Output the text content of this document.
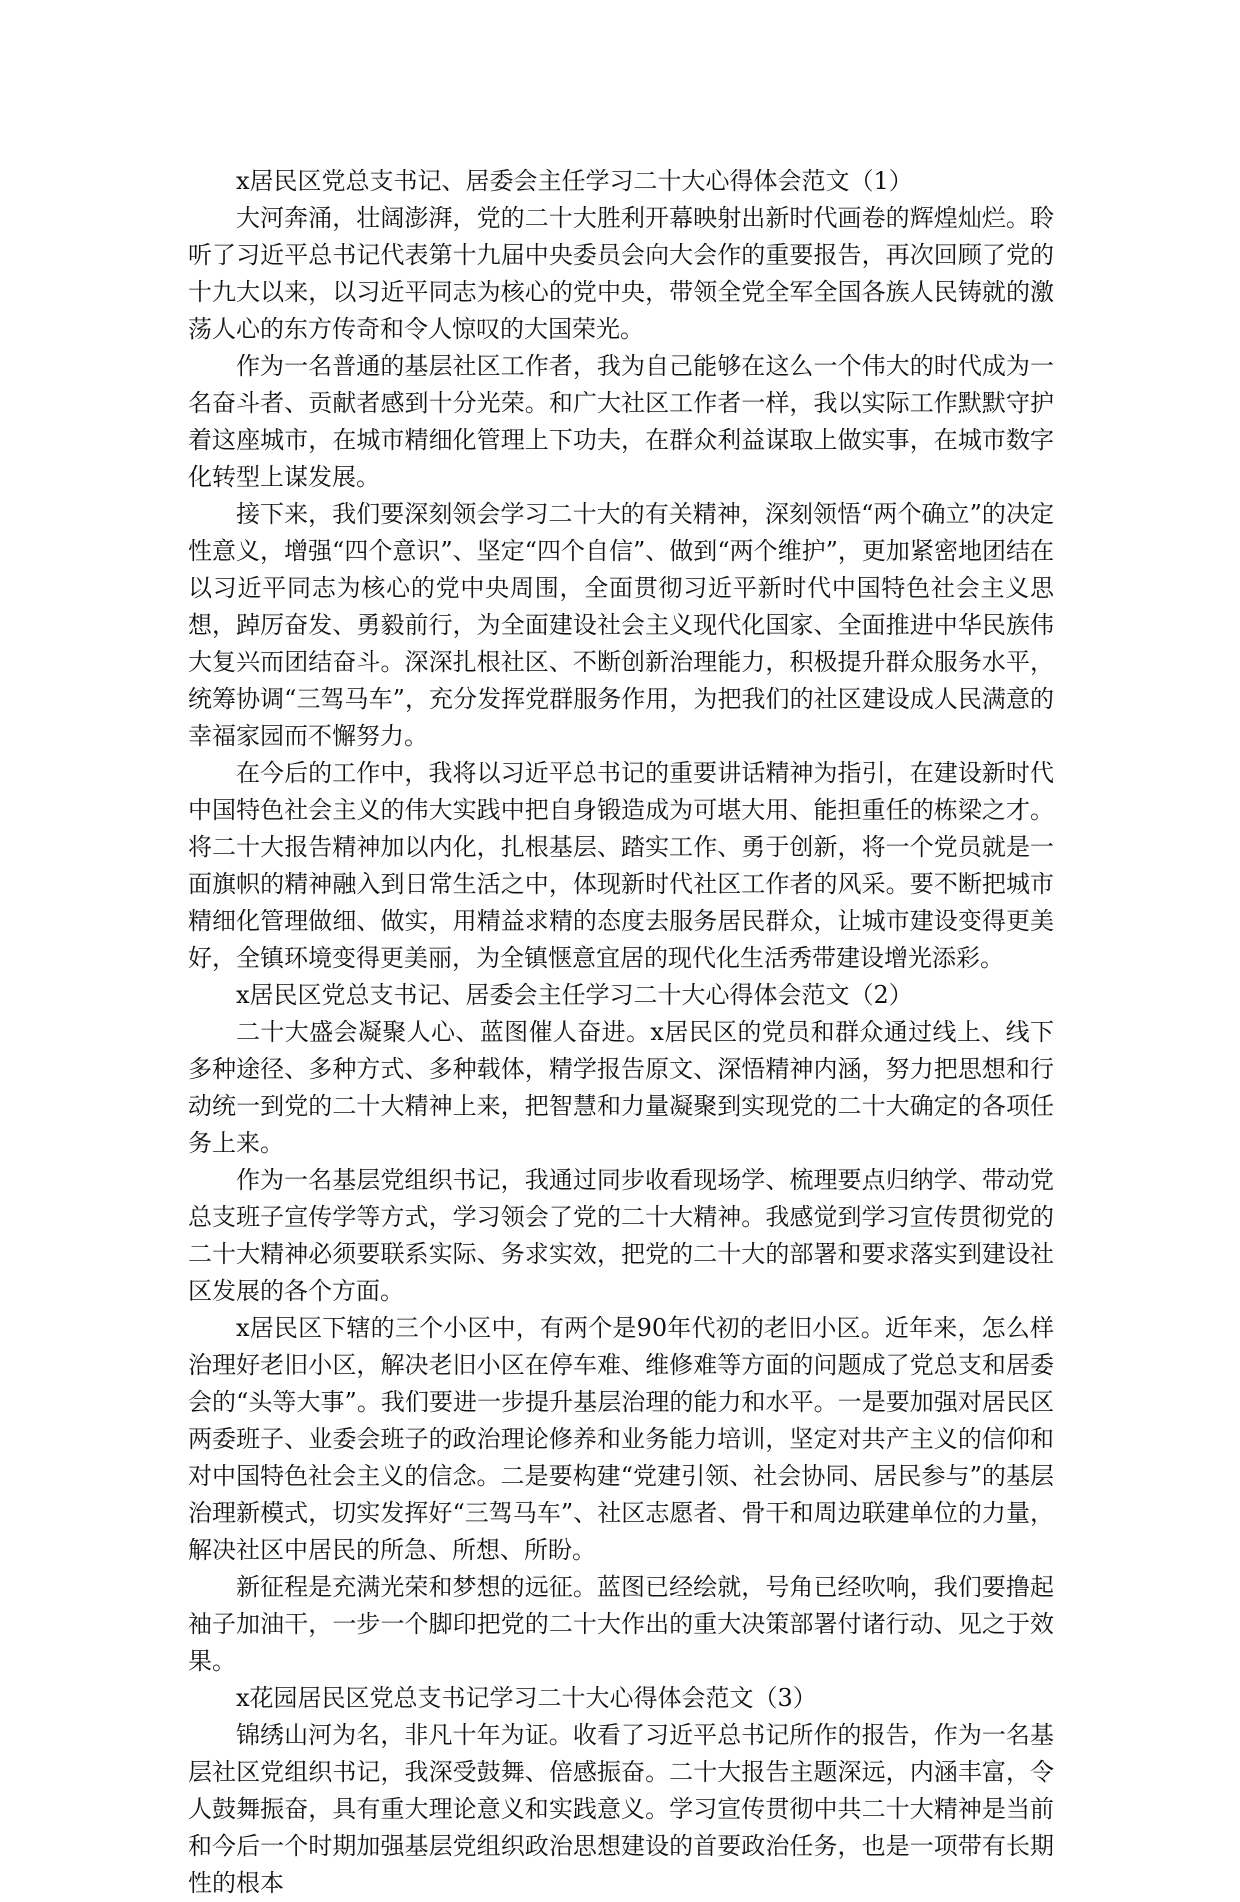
x居民区党总支书记、居委会主任学习二十大心得体会范文（1）

大河奔涌，壮阔澎湃，党的二十大胜利开幕映射出新时代画卷的辉煌灿烂。聆听了习近平总书记代表第十九届中央委员会向大会作的重要报告，再次回顾了党的十九大以来，以习近平同志为核心的党中央，带领全党全军全国各族人民铸就的激荡人心的东方传奇和令人惊叹的大国荣光。

作为一名普通的基层社区工作者，我为自己能够在这么一个伟大的时代成为一名奋斗者、贡献者感到十分光荣。和广大社区工作者一样，我以实际工作默默守护着这座城市，在城市精细化管理上下功夫，在群众利益谋取上做实事，在城市数字化转型上谋发展。

接下来，我们要深刻领会学习二十大的有关精神，深刻领悟“两个确立”的决定性意义，增强“四个意识”、坚定“四个自信”、做到“两个维护”，更加紧密地团结在以习近平同志为核心的党中央周围，全面贯彻习近平新时代中国特色社会主义思想，踔厉奋发、勇毅前行，为全面建设社会主义现代化国家、全面推进中华民族伟大复兴而团结奋斗。深深扎根社区、不断创新治理能力，积极提升群众服务水平，统筹协调“三驾马车”，充分发挥党群服务作用，为把我们的社区建设成人民满意的幸福家园而不懈努力。

在今后的工作中，我将以习近平总书记的重要讲话精神为指引，在建设新时代中国特色社会主义的伟大实践中把自身锻造成为可堪大用、能担重任的栋梁之才。将二十大报告精神加以内化，扎根基层、踏实工作、勇于创新，将一个党员就是一面旗帜的精神融入到日常生活之中，体现新时代社区工作者的风采。要不断把城市精细化管理做细、做实，用精益求精的态度去服务居民群众，让城市建设变得更美好，全镇环境变得更美丽，为全镇惬意宜居的现代化生活秀带建设增光添彩。

x居民区党总支书记、居委会主任学习二十大心得体会范文（2）

二十大盛会凝聚人心、蓝图催人奋进。x居民区的党员和群众通过线上、线下多种途径、多种方式、多种载体，精学报告原文、深悟精神内涵，努力把思想和行动统一到党的二十大精神上来，把智慧和力量凝聚到实现党的二十大确定的各项任务上来。

作为一名基层党组织书记，我通过同步收看现场学、梳理要点归纳学、带动党总支班子宣传学等方式，学习领会了党的二十大精神。我感觉到学习宣传贯彻党的二十大精神必须要联系实际、务求实效，把党的二十大的部署和要求落实到建设社区发展的各个方面。

x居民区下辖的三个小区中，有两个是90年代初的老旧小区。近年来，怎么样治理好老旧小区，解决老旧小区在停车难、维修难等方面的问题成了党总支和居委会的“头等大事”。我们要进一步提升基层治理的能力和水平。一是要加强对居民区两委班子、业委会班子的政治理论修养和业务能力培训，坚定对共产主义的信仰和对中国特色社会主义的信念。二是要构建“党建引领、社会协同、居民参与”的基层治理新模式，切实发挥好“三驾马车”、社区志愿者、骨干和周边联建单位的力量，解决社区中居民的所急、所想、所盼。

新征程是充满光荣和梦想的远征。蓝图已经绘就，号角已经吹响，我们要撸起袖子加油干，一步一个脚印把党的二十大作出的重大决策部署付诸行动、见之于效果。

x花园居民区党总支书记学习二十大心得体会范文（3）

锦绣山河为名，非凡十年为证。收看了习近平总书记所作的报告，作为一名基层社区党组织书记，我深受鼓舞、倍感振奋。二十大报告主题深远，内涵丰富，令人鼓舞振奋，具有重大理论意义和实践意义。学习宣传贯彻中共二十大精神是当前和今后一个时期加强基层党组织政治思想建设的首要政治任务，也是一项带有长期性的根本
